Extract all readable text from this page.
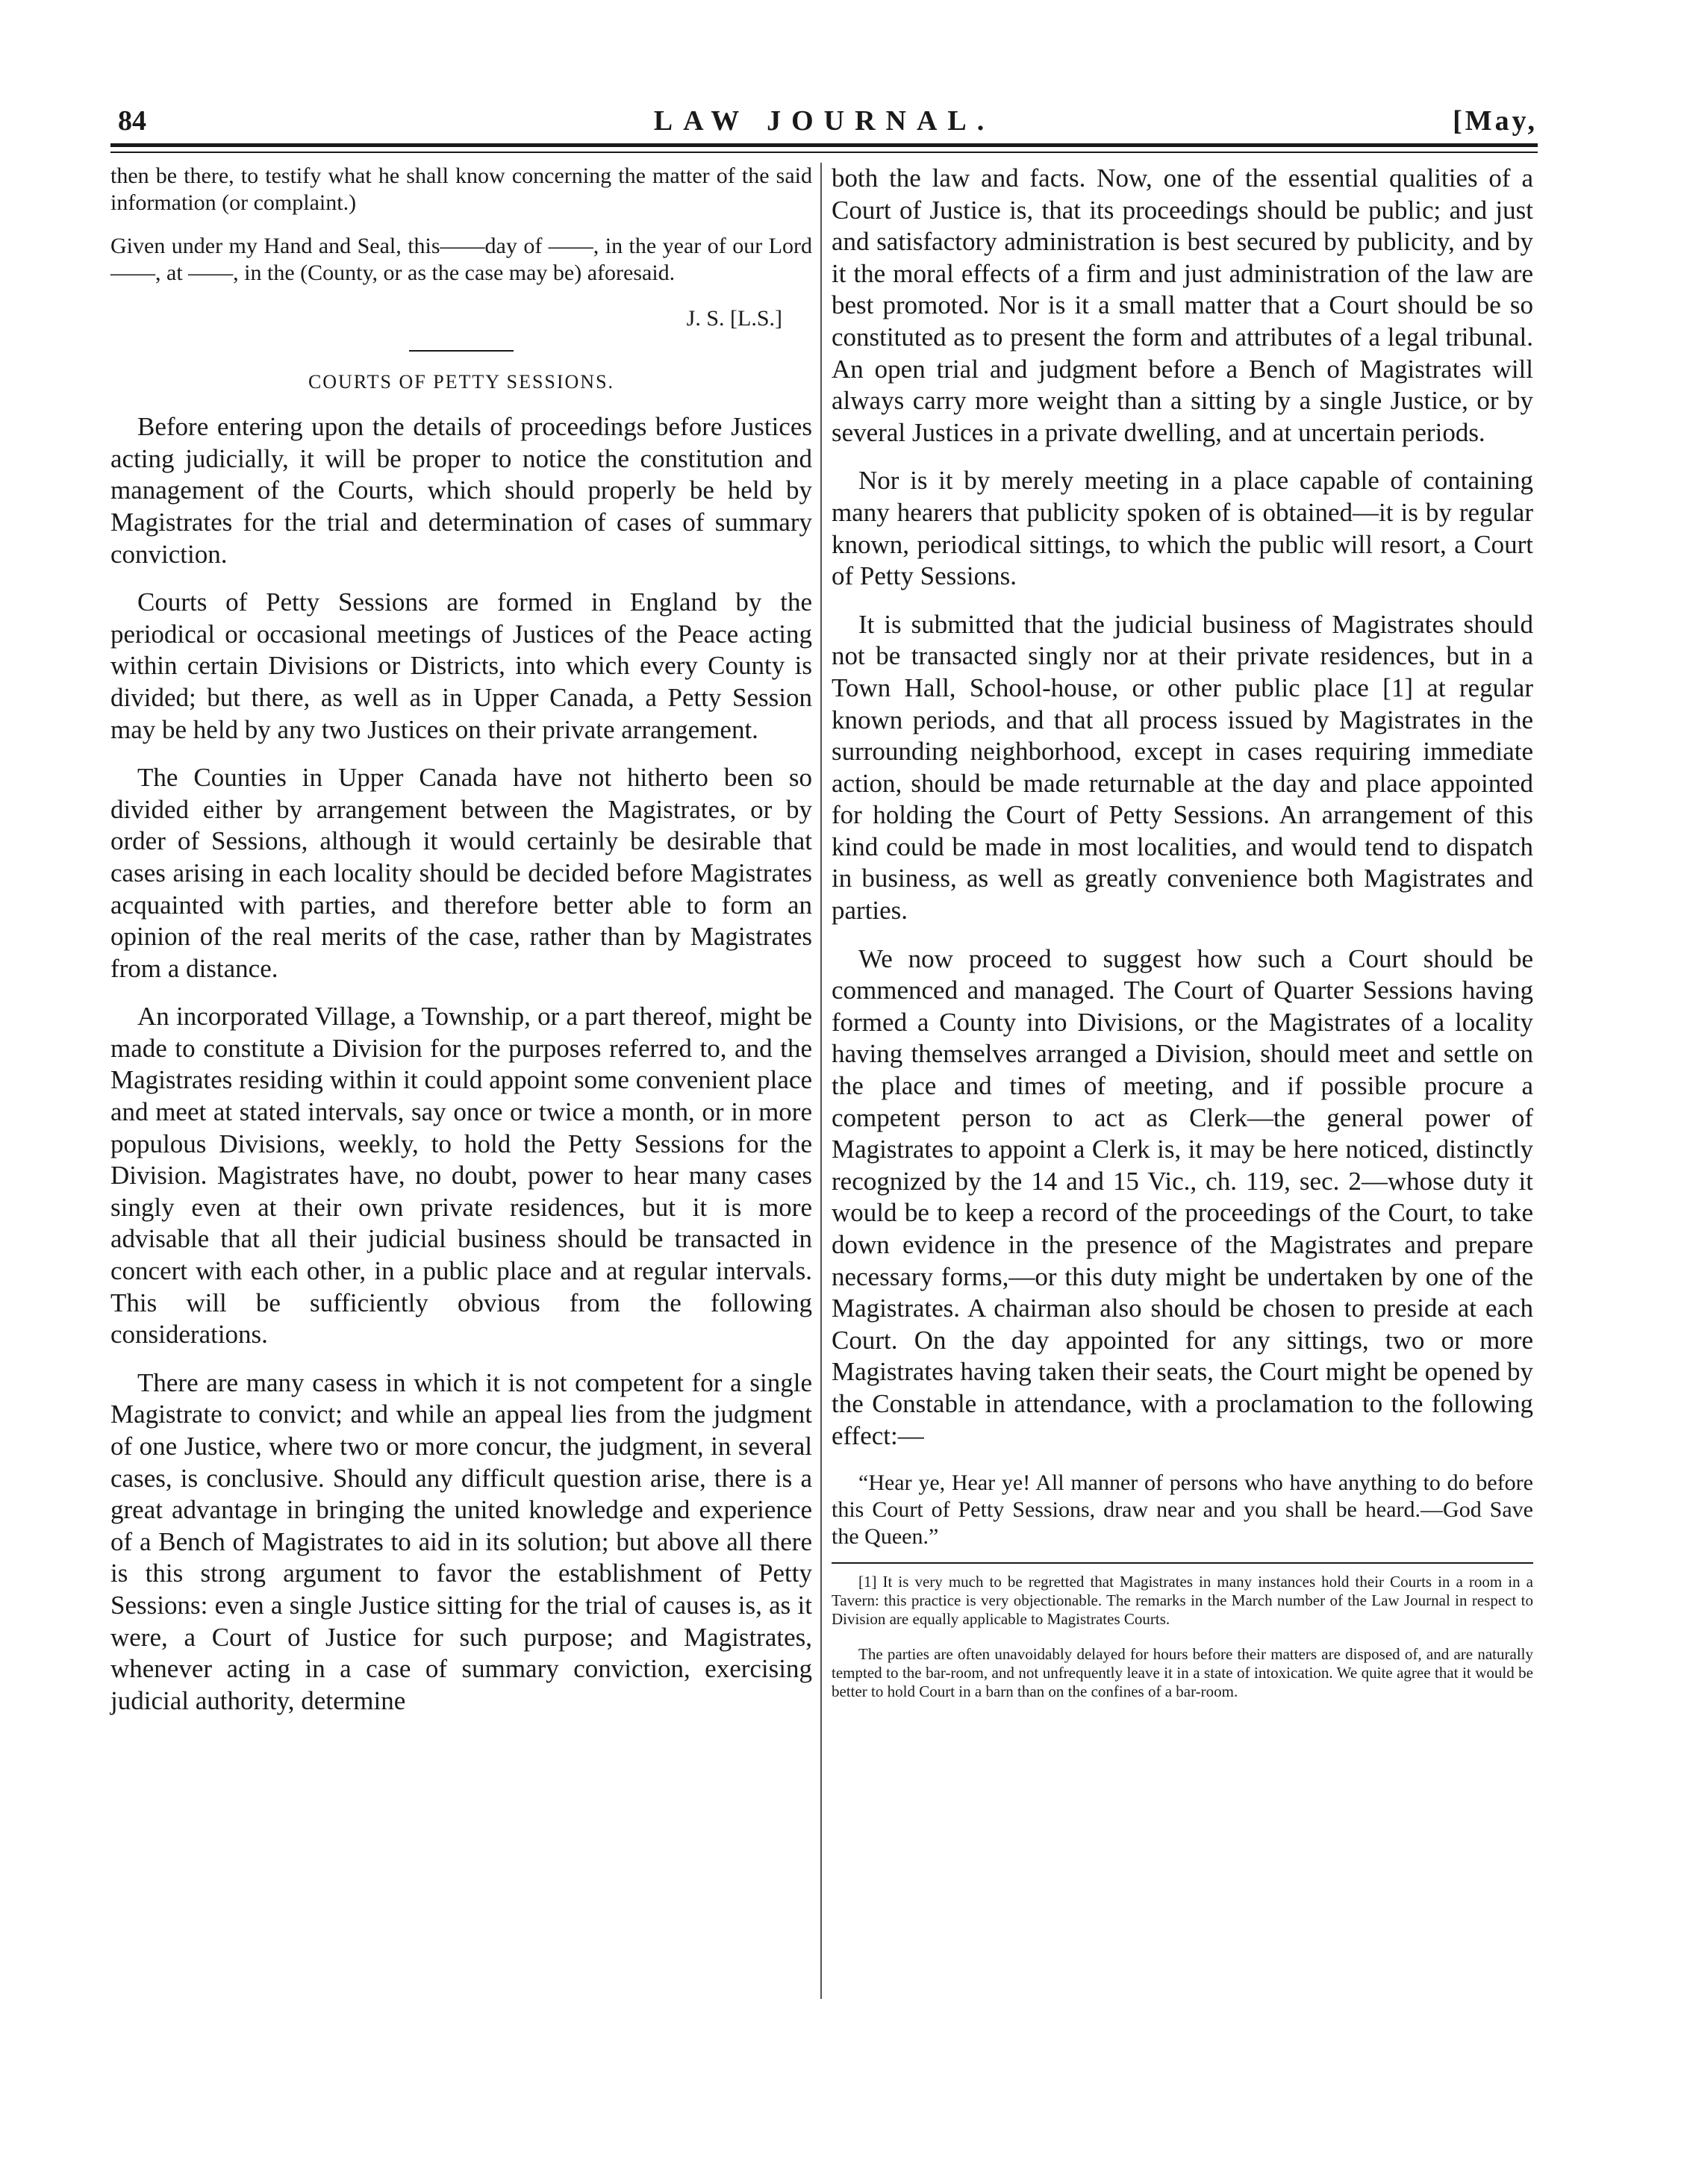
84	LAW JOURNAL.	[May,

then be there, to testify what he shall know concerning the matter of the said information (or complaint.)

Given under my Hand and Seal, this——day of ——, in the year of our Lord ——, at ——, in the (County, or as the case may be) aforesaid.

J. S. [L.S.]
COURTS OF PETTY SESSIONS.

Before entering upon the details of proceedings before Justices acting judicially, it will be proper to notice the constitution and management of the Courts, which should properly be held by Magistrates for the trial and determination of cases of summary conviction.

Courts of Petty Sessions are formed in England by the periodical or occasional meetings of Justices of the Peace acting within certain Divisions or Districts, into which every County is divided; but there, as well as in Upper Canada, a Petty Session may be held by any two Justices on their private arrangement.

The Counties in Upper Canada have not hitherto been so divided either by arrangement between the Magistrates, or by order of Sessions, although it would certainly be desirable that cases arising in each locality should be decided before Magistrates acquainted with parties, and therefore better able to form an opinion of the real merits of the case, rather than by Magistrates from a distance.

An incorporated Village, a Township, or a part thereof, might be made to constitute a Division for the purposes referred to, and the Magistrates residing within it could appoint some convenient place and meet at stated intervals, say once or twice a month, or in more populous Divisions, weekly, to hold the Petty Sessions for the Division. Magistrates have, no doubt, power to hear many cases singly even at their own private residences, but it is more advisable that all their judicial business should be transacted in concert with each other, in a public place and at regular intervals. This will be sufficiently obvious from the following considerations.

There are many casess in which it is not competent for a single Magistrate to convict; and while an appeal lies from the judgment of one Justice, where two or more concur, the judgment, in several cases, is conclusive. Should any difficult question arise, there is a great advantage in bringing the united knowledge and experience of a Bench of Magistrates to aid in its solution; but above all there is this strong argument to favor the establishment of Petty Sessions: even a single Justice sitting for the trial of causes is, as it were, a Court of Justice for such purpose; and Magistrates, whenever acting in a case of summary conviction, exercising judicial authority, determine

both the law and facts. Now, one of the essential qualities of a Court of Justice is, that its proceedings should be public; and just and satisfactory administration is best secured by publicity, and by it the moral effects of a firm and just administration of the law are best promoted. Nor is it a small matter that a Court should be so constituted as to present the form and attributes of a legal tribunal. An open trial and judgment before a Bench of Magistrates will always carry more weight than a sitting by a single Justice, or by several Justices in a private dwelling, and at uncertain periods.

Nor is it by merely meeting in a place capable of containing many hearers that publicity spoken of is obtained—it is by regular known, periodical sittings, to which the public will resort, a Court of Petty Sessions.

It is submitted that the judicial business of Magistrates should not be transacted singly nor at their private residences, but in a Town Hall, School-house, or other public place [1] at regular known periods, and that all process issued by Magistrates in the surrounding neighborhood, except in cases requiring immediate action, should be made returnable at the day and place appointed for holding the Court of Petty Sessions. An arrangement of this kind could be made in most localities, and would tend to dispatch in business, as well as greatly convenience both Magistrates and parties.

We now proceed to suggest how such a Court should be commenced and managed. The Court of Quarter Sessions having formed a County into Divisions, or the Magistrates of a locality having themselves arranged a Division, should meet and settle on the place and times of meeting, and if possible procure a competent person to act as Clerk—the general power of Magistrates to appoint a Clerk is, it may be here noticed, distinctly recognized by the 14 and 15 Vic., ch. 119, sec. 2—whose duty it would be to keep a record of the proceedings of the Court, to take down evidence in the presence of the Magistrates and prepare necessary forms,—or this duty might be undertaken by one of the Magistrates. A chairman also should be chosen to preside at each Court. On the day appointed for any sittings, two or more Magistrates having taken their seats, the Court might be opened by the Constable in attendance, with a proclamation to the following effect:—

“Hear ye, Hear ye! All manner of persons who have anything to do before this Court of Petty Sessions, draw near and you shall be heard.—God Save the Queen.”

[1] It is very much to be regretted that Magistrates in many instances hold their Courts in a room in a Tavern: this practice is very objectionable. The remarks in the March number of the Law Journal in respect to Division are equally applicable to Magistrates Courts.

The parties are often unavoidably delayed for hours before their matters are disposed of, and are naturally tempted to the bar-room, and not unfrequently leave it in a state of intoxication. We quite agree that it would be better to hold Court in a barn than on the confines of a bar-room.
